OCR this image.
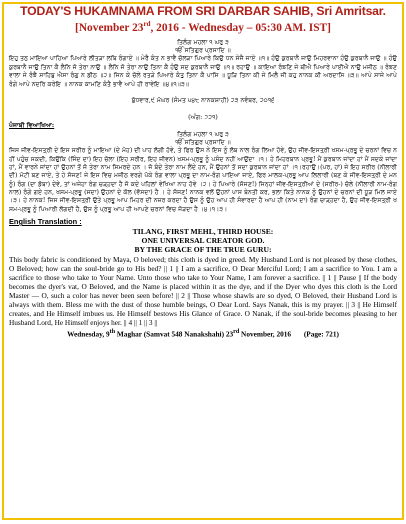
TODAY'S HUKAMNAMA FROM SRI DARBAR SAHIB, Sri Amritsar.
[November 23rd, 2016 - Wednesday – 05:30 AM. IST]
ਤਿਲੰਗ ਮਹਲਾ ੧ ਘਰੁ ੩
ੴ ਸਤਿਗੁਰ ਪ੍ਰਸਾਦਿ ॥
ਇਹੁ ਤਨੁ ਮਾਇਆ ਪਾਹਿਆ ਪਿਆਰੇ ਲੀਤੜਾ ਲਬਿ ਰੰਗਾਏ ॥ ਮੇਰੈ ਕੰਤ ਨ ਭਾਵੈ ਚੋਲੜਾ ਪਿਆਰੇ ਕਿਉ ਧਨ ਸੇਜੈ ਜਾਏ ॥੧॥ ਹੰਉ ਕੁਰਬਾਨੈ ਜਾਉ ਮਿਹਰਵਾਨਾ ਹੰਉ ਕੁਰਬਾਨੈ ਜਾਉ ॥ ਹੰਉ ਕੁਰਬਾਨੈ ਜਾਉ ਤਿਨਾ ਕੈ ਲੈਨਿ ਜੋ ਤੇਰਾ ਨਾਉ ॥ ਲੈਨਿ ਜੋ ਤੇਰਾ ਨਾਉ ਤਿਨਾ ਕੈ ਹੰਉ ਸਦ ਕੁਰਬਾਨੈ ਜਾਉ ॥੧॥ ਰਹਾਉ ॥ ਕਾਇਆ ਰੰਙਣਿ ਜੇ ਥੀਐ ਪਿਆਰੇ ਪਾਈਐ ਨਾਉ ਮਜੀਠ ॥ ਰੰਙਣ ਵਾਲਾ ਜੇ ਰੰਙੈ ਸਾਹਿਬੁ ਐਸਾ ਰੰਗੁ ਨ ਡੀਠ ॥੨॥ ਜਿਨ ਕੇ ਚੋਲੇ ਰਤੜੇ ਪਿਆਰੇ ਕੰਤੁ ਤਿਨਾ ਕੈ ਪਾਸਿ ॥ ਧੂੜਿ ਤਿਨਾ ਕੀ ਜੇ ਮਿਲੈ ਜੀ ਕਹੁ ਨਾਨਕ ਕੀ ਅਰਦਾਸਿ ॥੩॥ ਆਪੇ ਸਾਜੇ ਆਪੇ ਰੰਗੇ ਆਪੇ ਨਦਰਿ ਕਰੇਇ ॥ ਨਾਨਕ ਕਾਮਣਿ ਕੰਤੈ ਭਾਵੈ ਆਪੇ ਹੀ ਰਾਵੇਇ ॥੪॥੧॥੩॥

ਬੁੱਧਵਾਰ,੯ ਮੱਘਰ (ਸੰਮਤ ੫੪੮ ਨਾਨਕਸ਼ਾਹੀ) ੨੩ ਨਵੰਬਰ, ੨੦੧੬

(ਅੰਗ: ੭੨੧)

ਪੰਜਾਬੀ ਵਿਆਖਿਆ:
ਤਿਲੰਗ ਮਹਲਾ ੧ ਘਰੁ ੩
ੴ ਸਤਿਗੁਰ ਪ੍ਰਸਾਦਿ ॥
ਜਿਸ ਜੀਵ-ਇਸਤ੍ਰੀ ਦੇ ਇਸ ਸਰੀਰ ਨੂੰ ਮਾਇਆ (ਦੇ ਮੋਹ) ਦੀ ਪਾਹ ਲੱਗੀ ਹੋਵੇ, ਤੇ ਫਿਰ ਉਸ ਨੇ ਇਸ ਨੂੰ ਲੱਬ ਨਾਲ ਰੰਗ ਲਿਆ ਹੋਵੇ, ਉਹ ਜੀਵ-ਇਸਤ੍ਰੀ ਖਸਮ-ਪ੍ਰਭੂ ਦੇ ਚਰਨਾਂ ਵਿਚ ਨਹੀਂ ਪਹੁੰਚ ਸਕਦੀ, ਕਿਉਂਕਿ (ਜਿੰਦ ਦਾ) ਇਹ ਚੋਲਾ (ਇਹ ਸਰੀਰ, ਇਹ ਜੀਵਨ) ਖਸਮ-ਪ੍ਰਭੂ ਨੂੰ ਪਸੰਦ ਨਹੀਂ ਆਉਂਦਾ ।੧। ਹੇ ਮਿਹਰਬਾਨ ਪ੍ਰਭੂ! ਮੈਂ ਕੁਰਬਾਨ ਜਾਂਦਾ ਹਾਂ ਮੈਂ ਸਦਕੇ ਜਾਂਦਾ ਹਾਂ, ਮੈਂ ਵਾਰਨੇ ਜਾਂਦਾ ਹਾਂ ਉਹਨਾਂ ਤੋਂ ਜੋ ਤੇਰਾ ਨਾਮ ਸਿਮਰਦੇ ਹਨ । ਜੋ ਬੰਦੇ ਤੇਰਾ ਨਾਮ ਲੈਂਦੇ ਹਨ, ਮੈਂ ਉਹਨਾਂ ਤੋਂ ਸਦਾ ਕੁਰਬਾਨ ਜਾਂਦਾ ਹਾਂ ।੧।ਰਹਾਉ।(ਪਰ, ਹਾਂ) ਜੇ ਇਹ ਸਰੀਰ (ਨੀਲਾਰੀ ਦੀ) ਮੱਟੀ ਬਣ ਜਾਏ, ਤੇ ਹੇ ਸੱਜਣ! ਜੇ ਇਸ ਵਿਚ ਮਜੀਠ ਵਰਗੇ ਪੱਕੇ ਰੰਗ ਵਾਲਾ ਪ੍ਰਭੂ ਦਾ ਨਾਮ-ਰੰਗ ਪਾਇਆ ਜਾਏ, ਫਿਰ ਮਾਲਕ-ਪ੍ਰਭੂ ਆਪ ਲਿਲਾਰੀ (ਬਣ ਕੇ ਜੀਵ-ਇਸਤ੍ਰੀ ਦੇ ਮਨ ਨੂੰ) ਰੰਗ (ਦਾ ਡੋਬਾ) ਦੇਵੇ, ਤਾਂ ਅਜੇਹਾ ਰੰਗ ਚੜ੍ਹਦਾ ਹੈ ਜੋ ਕਦੇ ਪਹਿਲਾਂ ਵੇਖਿਆ ਨਾਹ ਹੋਵੇ ।੨। ਹੇ ਪਿਆਰੇ (ਸੱਜਣ!) ਜਿਨ੍ਹਾਂ ਜੀਵ-ਇਸਤ੍ਰੀਆਂ ਦੇ (ਸਰੀਰ-) ਚੋਲੇ (ਨੀਲਾਰੀ ਨਾਮ-ਰੰਗ ਨਾਲ) ਰੰਗੇ ਗਏ ਹਨ, ਖਸਮ-ਪ੍ਰਭੂ (ਸਦਾ) ਉਹਨਾਂ ਦੇ ਕੋਲ (ਵੱਸਦਾ) ਹੈ । ਹੇ ਸੱਜਣ! ਨਾਨਕ ਵਲੋਂ ਉਹਨਾਂ ਪਾਸ ਬੇਨਤੀ ਕਰ, ਭਲਾ ਕਿਤੇ ਨਾਨਕ ਨੂੰ ਉਹਨਾਂ ਦੇ ਚਰਨਾਂ ਦੀ ਧੂੜ ਮਿਲ ਜਾਏ ।੩। ਹੇ ਨਾਨਕ! ਜਿਸ ਜੀਵ-ਇਸਤ੍ਰੀ ਉਤੇ ਪ੍ਰਭੂ ਆਪ ਮਿਹਰ ਦੀ ਨਜ਼ਰ ਕਰਦਾ ਹੈ ਉਸ ਨੂੰ ਉਹ ਆਪ ਹੀ ਸੰਵਾਰਦਾ ਹੈ ਆਪ ਹੀ (ਨਾਮ ਦਾ) ਰੰਗ ਚਾੜ੍ਹਦਾ ਹੈ, ਉਹ ਜੀਵ-ਇਸਤ੍ਰੀ ਖਸਮ-ਪ੍ਰਭੂ ਨੂੰ ਪਿਆਰੀ ਲੱਗਦੀ ਹੈ, ਉਸ ਨੂੰ ਪ੍ਰਭੂ ਆਪ ਹੀ ਆਪਣੇ ਚਰਨਾਂ ਵਿਚ ਜੋੜਦਾ ਹੈ ।੪।੧।੩।
English Translation :
TILANG, FIRST MEHL, THIRD HOUSE:
ONE UNIVERSAL CREATOR GOD.
BY THE GRACE OF THE TRUE GURU:
This body fabric is conditioned by Maya, O beloved; this cloth is dyed in greed. My Husband Lord is not pleased by these clothes, O Beloved; how can the soul-bride go to His bed? || 1 || I am a sacrifice, O Dear Merciful Lord; I am a sacrifice to You. I am a sacrifice to those who take to Your Name. Unto those who take to Your Name, I am forever a sacrifice. || 1 || Pause || If the body becomes the dyer's vat, O Beloved, and the Name is placed within it as the dye, and if the Dyer who dyes this cloth is the Lord Master — O, such a color has never been seen before! || 2 || Those whose shawls are so dyed, O Beloved, their Husband Lord is always with them. Bless me with the dust of those humble beings, O Dear Lord. Says Nanak, this is my prayer. || 3 || He Himself creates, and He Himself imbues us. He Himself bestows His Glance of Grace. O Nanak, if the soul-bride becomes pleasing to her Husband Lord, He Himself enjoys her. || 4 || 1 || 3 ||
Wednesday, 9th Maghar (Samvat 548 Nanakshahi) 23rd November, 2016 (Page: 721)
